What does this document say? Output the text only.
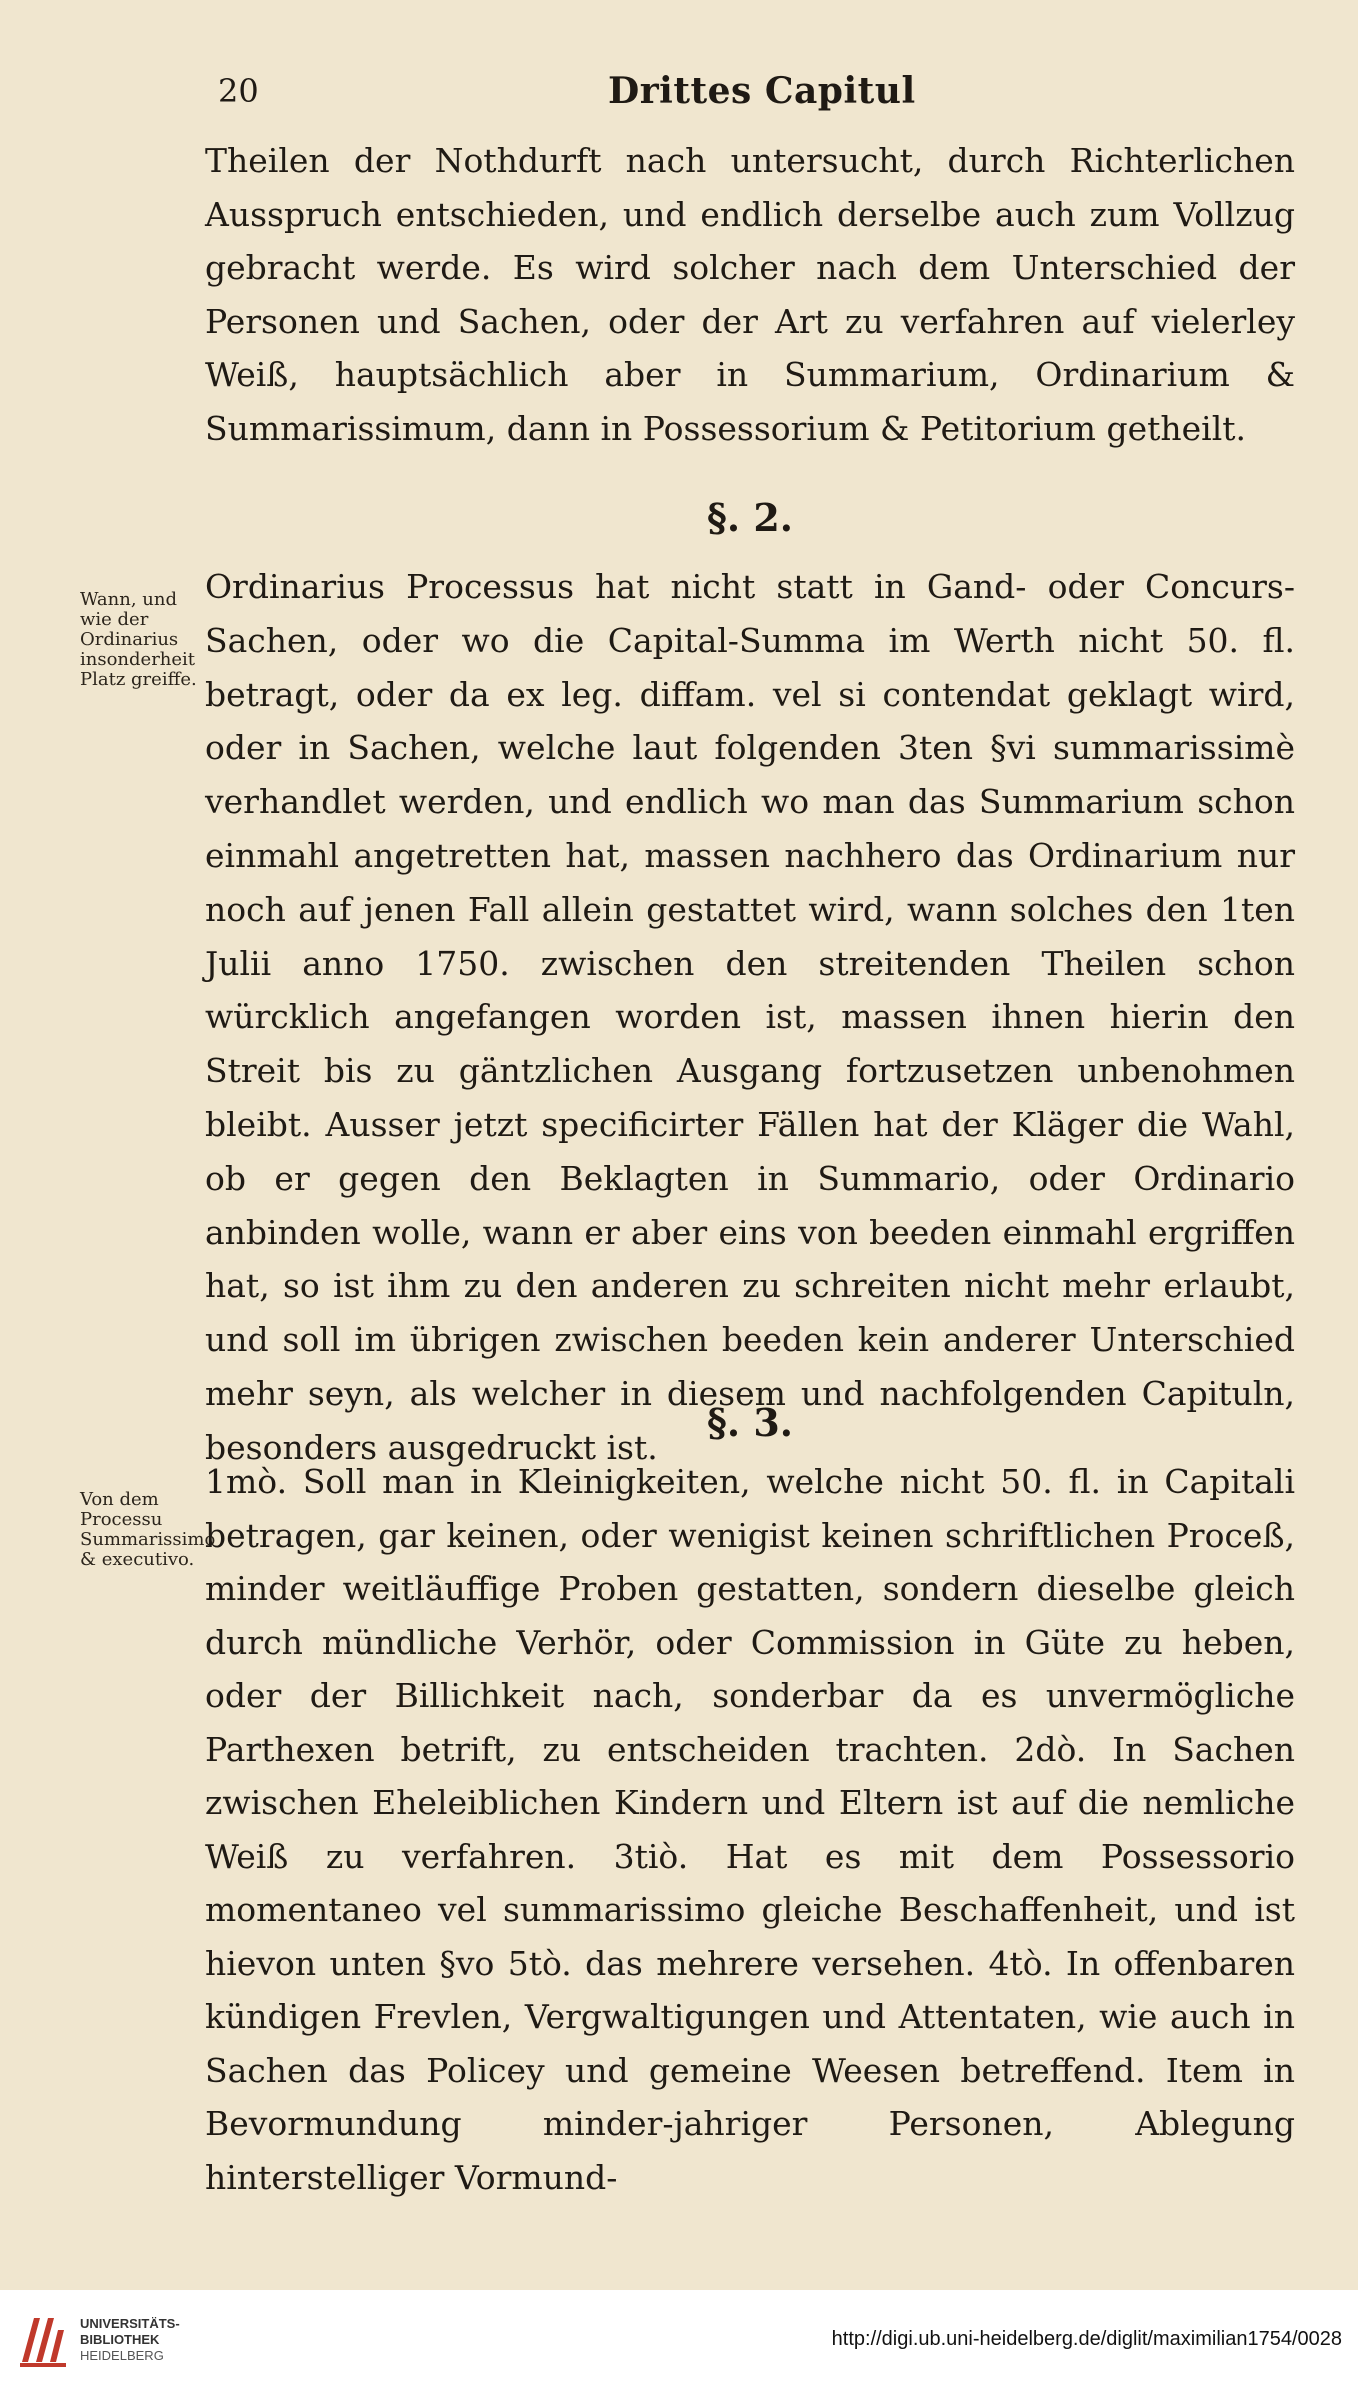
20	Drittes Capitul

Theilen der Nothdurft nach untersucht, durch Richterlichen Ausspruch entschieden, und endlich derselbe auch zum Vollzug gebracht werde. Es wird solcher nach dem Unterschied der Personen und Sachen, oder der Art zu verfahren auf vielerley Weiß, hauptsächlich aber in Summarium, Ordinarium & Summarissimum, dann in Possessorium & Petitorium getheilt.

§. 2.
Wann, und wie der Ordinarius insonderheit Platz greiffe.

Ordinarius Processus hat nicht statt in Gand- oder Concurs-Sachen, oder wo die Capital-Summa im Werth nicht 50. fl. betragt, oder da ex leg. diffam. vel si contendat geklagt wird, oder in Sachen, welche laut folgenden 3ten §vi summarissimè verhandlet werden, und endlich wo man das Summarium schon einmahl angetretten hat, massen nachhero das Ordinarium nur noch auf jenen Fall allein gestattet wird, wann solches den 1ten Julii anno 1750. zwischen den streitenden Theilen schon würcklich angefangen worden ist, massen ihnen hierin den Streit bis zu gäntzlichen Ausgang fortzusetzen unbenohmen bleibt. Ausser jetzt specificirter Fällen hat der Kläger die Wahl, ob er gegen den Beklagten in Summario, oder Ordinario anbinden wolle, wann er aber eins von beeden einmahl ergriffen hat, so ist ihm zu den anderen zu schreiten nicht mehr erlaubt, und soll im übrigen zwischen beeden kein anderer Unterschied mehr seyn, als welcher in diesem und nachfolgenden Capituln, besonders ausgedruckt ist.

§. 3.
Von dem Processu Summarissimo & executivo.

1mò. Soll man in Kleinigkeiten, welche nicht 50. fl. in Capitali betragen, gar keinen, oder wenigist keinen schriftlichen Proceß, minder weitläuffige Proben gestatten, sondern dieselbe gleich durch mündliche Verhör, oder Commission in Güte zu heben, oder der Billichkeit nach, sonderbar da es unvermögliche Parthexen betrift, zu entscheiden trachten. 2dò. In Sachen zwischen Eheleiblichen Kindern und Eltern ist auf die nemliche Weiß zu verfahren. 3tiò. Hat es mit dem Possessorio momentaneo vel summarissimo gleiche Beschaffenheit, und ist hievon unten §vo 5tò. das mehrere versehen. 4tò. In offenbaren kündigen Frevlen, Vergwaltigungen und Attentaten, wie auch in Sachen das Policey und gemeine Weesen betreffend. Item in Bevormundung minder-jahriger Personen, Ablegung hinterstelliger Vormund-

UNIVERSITÄTS-
BIBLIOTHEK
HEIDELBERG
http://digi.ub.uni-heidelberg.de/diglit/maximilian1754/0028
